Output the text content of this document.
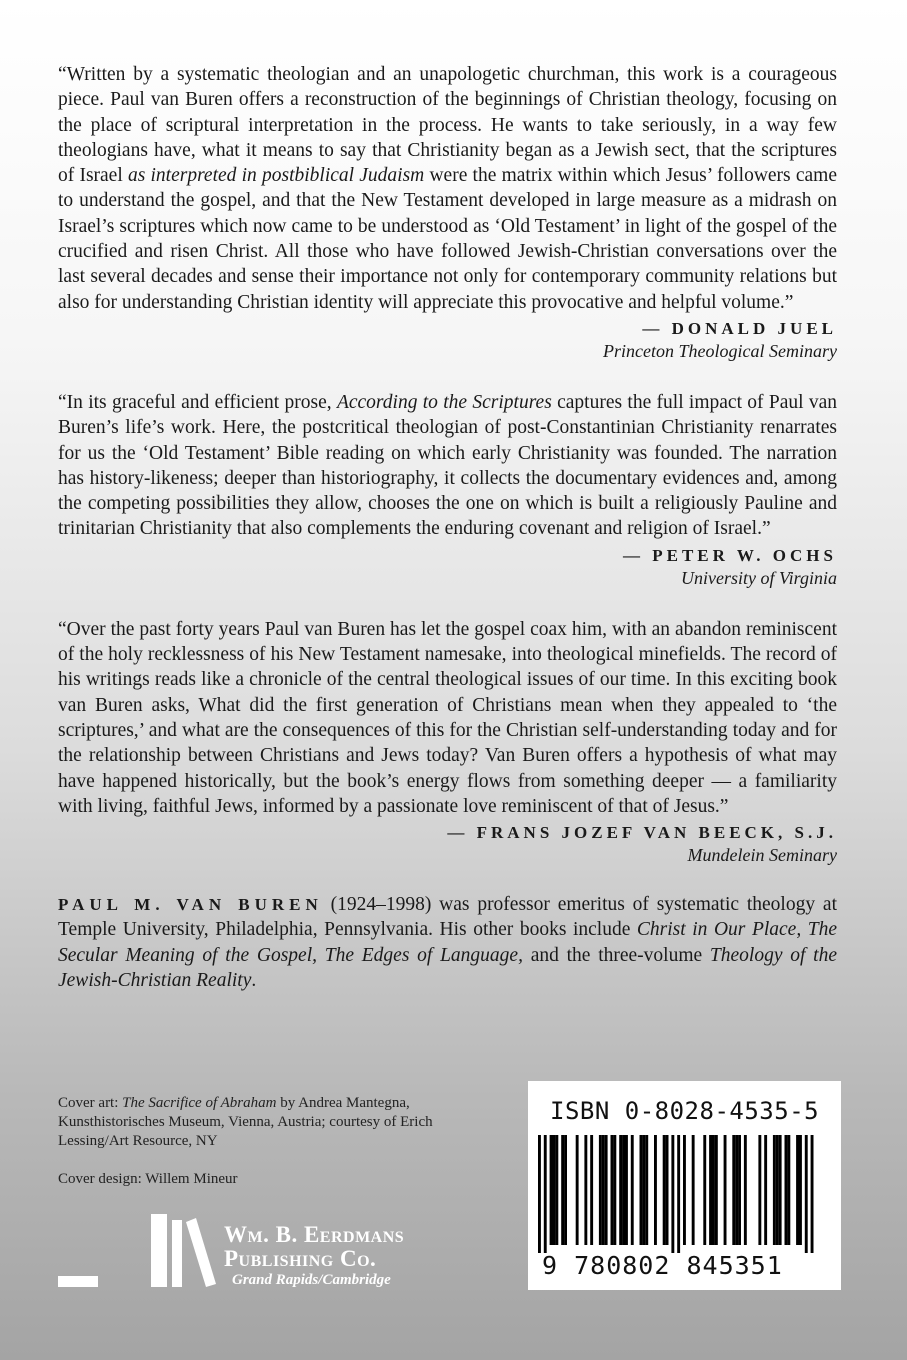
“Written by a systematic theologian and an unapologetic churchman, this work is a courageous piece. Paul van Buren offers a reconstruction of the beginnings of Christian theology, focusing on the place of scriptural interpretation in the process. He wants to take seriously, in a way few theologians have, what it means to say that Christianity began as a Jewish sect, that the scriptures of Israel as interpreted in postbiblical Judaism were the matrix within which Jesus’ followers came to understand the gospel, and that the New Testament developed in large measure as a midrash on Israel’s scriptures which now came to be understood as ‘Old Testament’ in light of the gospel of the crucified and risen Christ. All those who have followed Jewish-Christian conversations over the last several decades and sense their importance not only for contemporary community relations but also for understanding Christian identity will appreciate this provocative and helpful volume.”

— DONALD JUEL
Princeton Theological Seminary

“In its graceful and efficient prose, According to the Scriptures captures the full impact of Paul van Buren’s life’s work. Here, the postcritical theologian of post-Constantinian Christianity renarrates for us the ‘Old Testament’ Bible reading on which early Christianity was founded. The narration has history-likeness; deeper than historiography, it collects the documentary evidences and, among the competing possibilities they allow, chooses the one on which is built a religiously Pauline and trinitarian Christianity that also complements the enduring covenant and religion of Israel.”

— PETER W. OCHS
University of Virginia

“Over the past forty years Paul van Buren has let the gospel coax him, with an abandon reminiscent of the holy recklessness of his New Testament namesake, into theological minefields. The record of his writings reads like a chronicle of the central theological issues of our time. In this exciting book van Buren asks, What did the first generation of Christians mean when they appealed to ‘the scriptures,’ and what are the consequences of this for the Christian self-understanding today and for the relationship between Christians and Jews today? Van Buren offers a hypothesis of what may have happened historically, but the book’s energy flows from something deeper — a familiarity with living, faithful Jews, informed by a passionate love reminiscent of that of Jesus.”

— FRANS JOZEF VAN BEECK, S.J.
Mundelein Seminary

PAUL M. VAN BUREN (1924–1998) was professor emeritus of systematic theology at Temple University, Philadelphia, Pennsylvania. His other books include Christ in Our Place, The Secular Meaning of the Gospel, The Edges of Language, and the three-volume Theology of the Jewish-Christian Reality.

Cover art: The Sacrifice of Abraham by Andrea Mantegna, Kunsthistorisches Museum, Vienna, Austria; courtesy of Erich Lessing/Art Resource, NY

Cover design: Willem Mineur

Wm. B. Eerdmans
Publishing Co.
Grand Rapids/Cambridge
ISBN 0-8028-4535-5
9 780802 845351
